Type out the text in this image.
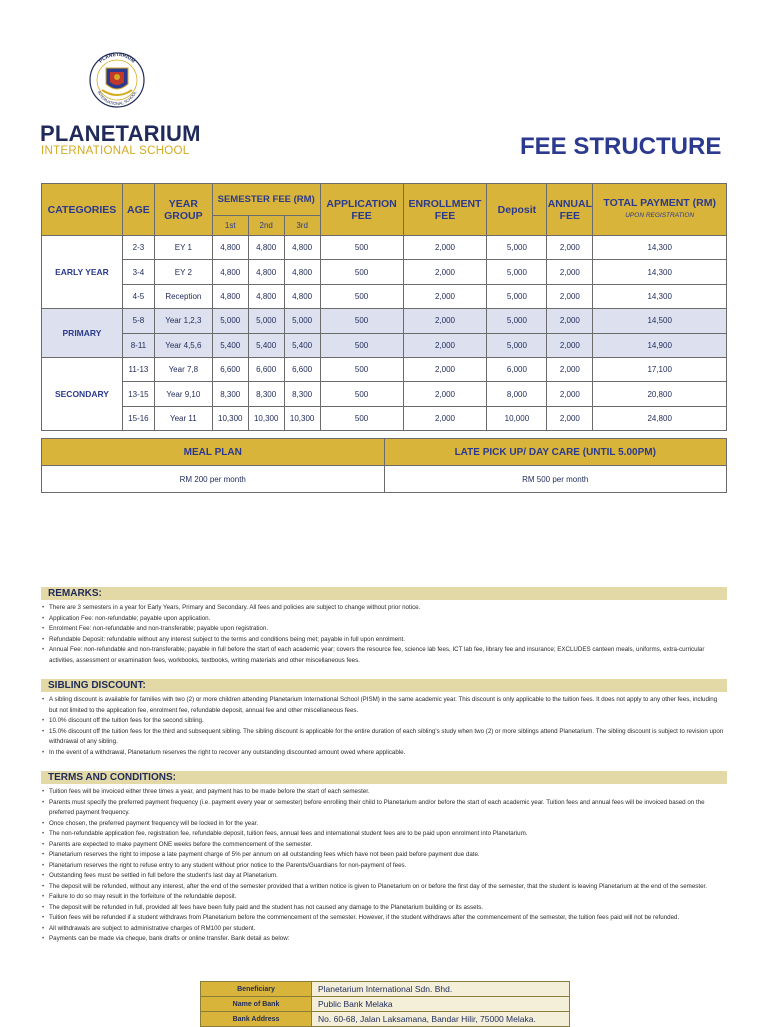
PLANETARIUM
INTERNATIONAL SCHOOL
PLANETARIUM
INTERNATIONAL SCHOOL	FEE STRUCTURE
CATEGORIES	AGE	YEAR GROUP	SEMESTER FEE (RM)			APPLICATION FEE	ENROLLMENT FEE	Deposit	ANNUAL FEE	TOTAL PAYMENT (RM)
UPON REGISTRATION

			1st	2nd	3rd					
EARLY YEAR	2-3	EY 1	4,800	4,800	4,800	500	2,000	5,000	2,000	14,300
	3-4	EY 2	4,800	4,800	4,800	500	2,000	5,000	2,000	14,300
	4-5	Reception	4,800	4,800	4,800	500	2,000	5,000	2,000	14,300
PRIMARY	5-8	Year 1,2,3	5,000	5,000	5,000	500	2,000	5,000	2,000	14,500
	8-11	Year 4,5,6	5,400	5,400	5,400	500	2,000	5,000	2,000	14,900
SECONDARY	11-13	Year 7,8	6,600	6,600	6,600	500	2,000	6,000	2,000	17,100
	13-15	Year 9,10	8,300	8,300	8,300	500	2,000	8,000	2,000	20,800
	15-16	Year 11	10,300	10,300	10,300	500	2,000	10,000	2,000	24,800
MEAL PLAN	LATE PICK UP/ DAY CARE (UNTIL 5.00PM)
RM 200 per month	RM 500 per month
REMARKS:
• There are 3 semesters in a year for Early Years, Primary and Secondary. All fees and policies are subject to change without prior notice.
• Application Fee: non-refundable; payable upon application.
• Enrolment Fee: non-refundable and non-transferable; payable upon registration.
• Refundable Deposit: refundable without any interest subject to the terms and conditions being met; payable in full upon enrolment.
• Annual Fee: non-refundable and non-transferable; payable in full before the start of each academic year; covers the resource fee, science lab fees, ICT lab fee, library fee and insurance; EXCLUDES canteen meals, uniforms, extra-curricular activities, assessment or examination fees, workbooks, textbooks, writing materials and other miscellaneous fees.
SIBLING DISCOUNT:
• A sibling discount is available for families with two (2) or more children attending Planetarium International School (PISM) in the same academic year. This discount is only applicable to the tuition fees. It does not apply to any other fees, including but not limited to the application fee, enrolment fee, refundable deposit, annual fee and other miscellaneous fees.
• 10.0% discount off the tuition fees for the second sibling.
• 15.0% discount off the tuition fees for the third and subsequent sibling. The sibling discount is applicable for the entire duration of each sibling's study when two (2) or more siblings attend Planetarium. The sibling discount is subject to revision upon withdrawal of any sibling.
• In the event of a withdrawal, Planetarium reserves the right to recover any outstanding discounted amount owed where applicable.
TERMS AND CONDITIONS:
• Tuition fees will be invoiced either three times a year, and payment has to be made before the start of each semester.
• Parents must specify the preferred payment frequency (i.e. payment every year or semester) before enrolling their child to Planetarium and/or before the start of each academic year. Tuition fees and annual fees will be invoiced based on the preferred payment frequency.
• Once chosen, the preferred payment frequency will be locked in for the year.
• The non-refundable application fee, registration fee, refundable deposit, tuition fees, annual fees and international student fees are to be paid upon enrolment into Planetarium.
• Parents are expected to make payment ONE weeks before the commencement of the semester.
• Planetarium reserves the right to impose a late payment charge of 5% per annum on all outstanding fees which have not been paid before payment due date.
• Planetarium reserves the right to refuse entry to any student without prior notice to the Parents/Guardians for non-payment of fees.
• Outstanding fees must be settled in full before the student's last day at Planetarium.
• The deposit will be refunded, without any interest, after the end of the semester provided that a written notice is given to Planetarium on or before the first day of the semester, that the student is leaving Planetarium at the end of the semester.
• Failure to do so may result in the forfeiture of the refundable deposit.
• The deposit will be refunded in full, provided all fees have been fully paid and the student has not caused any damage to the Planetarium building or its assets.
• Tuition fees will be refunded if a student withdraws from Planetarium before the commencement of the semester. However, if the student withdraws after the commencement of the semester, the tuition fees paid will not be refunded.
• All withdrawals are subject to administrative charges of RM100 per student.
• Payments can be made via cheque, bank drafts or online transfer. Bank detail as below:
Beneficiary	Planetarium International Sdn. Bhd.
Name of Bank	Public Bank Melaka
Bank Address	No. 60-68, Jalan Laksamana, Bandar Hilir, 75000 Melaka.
